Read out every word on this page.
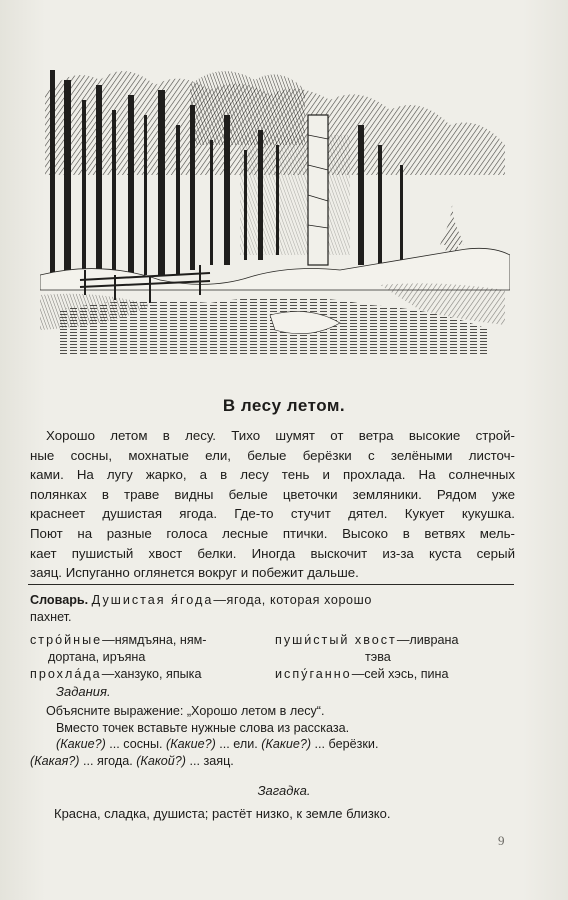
В лесу летом.
Хорошо летом в лесу. Тихо шумят от ветра высокие строй-
ные сосны, мохнатые ели, белые берёзки с зелёными листоч-
ками. На лугу жарко, а в лесу тень и прохлада. На солнечных
полянках в траве видны белые цветочки земляники. Рядом уже
краснеет душистая ягода. Где-то стучит дятел. Кукует кукушка.
Поют на разные голоса лесные птички. Высоко в ветвях мель-
кает пушистый хвост белки. Иногда выскочит из-за куста серый
заяц. Испуганно оглянется вокруг и побежит дальше.
Словарь.
Душистая я́года —ягода, которая хорошо
пахнет.
стро́йные—нямдъяна, ням-	пуши́стый хвост—ливрана
дортана, иръяна	тэва
прохла́да—ханзуко, япыка	испу́ганно—сей хэсь, пина
Задания.
Объясните выражение: „Хорошо летом в лесу“.
Вместо точек вставьте нужные слова из рассказа.
(Какие?) ... сосны. (Какие?) ... ели. (Какие?) ... берёзки.
(Какая?) ... ягода. (Какой?) ... заяц.
Загадка.
Красна, сладка, душиста; растёт низко, к земле близко.
9
